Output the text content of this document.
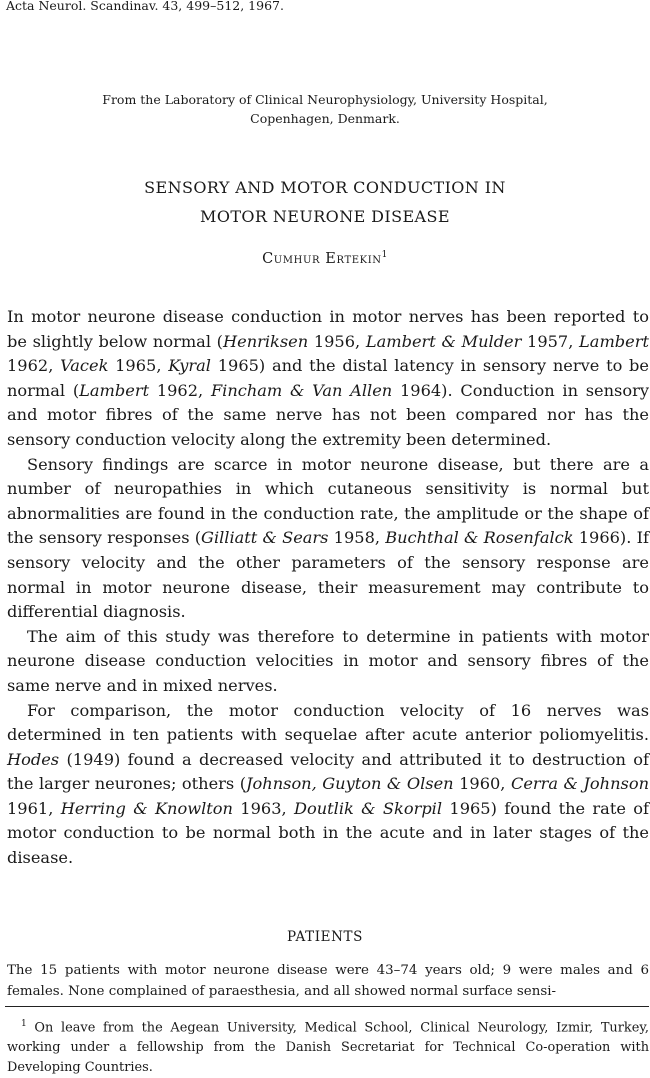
Acta Neurol. Scandinav. 43, 499–512, 1967.
From the Laboratory of Clinical Neurophysiology, University Hospital,
Copenhagen, Denmark.
SENSORY AND MOTOR CONDUCTION IN
MOTOR NEURONE DISEASE
Cumhur Ertekin$^1$

In motor neurone disease conduction in motor nerves has been reported to be slightly below normal (Henriksen 1956, Lambert & Mulder 1957, Lambert 1962, Vacek 1965, Kyral 1965) and the distal latency in sensory nerve to be normal (Lambert 1962, Fincham & Van Allen 1964). Conduction in sensory and motor fibres of the same nerve has not been compared nor has the sensory conduction velocity along the extremity been determined.

Sensory findings are scarce in motor neurone disease, but there are a number of neuropathies in which cutaneous sensitivity is normal but abnormalities are found in the conduction rate, the amplitude or the shape of the sensory responses (Gilliatt & Sears 1958, Buchthal & Rosenfalck 1966). If sensory velocity and the other parameters of the sensory response are normal in motor neurone disease, their measurement may contribute to differential diagnosis.

The aim of this study was therefore to determine in patients with motor neurone disease conduction velocities in motor and sensory fibres of the same nerve and in mixed nerves.

For comparison, the motor conduction velocity of 16 nerves was determined in ten patients with sequelae after acute anterior poliomyelitis. Hodes (1949) found a decreased velocity and attributed it to destruction of the larger neurones; others (Johnson, Guyton & Olsen 1960, Cerra & Johnson 1961, Herring & Knowlton 1963, Doutlik & Skorpil 1965) found the rate of motor conduction to be normal both in the acute and in later stages of the disease.

PATIENTS

The 15 patients with motor neurone disease were 43–74 years old; 9 were males and 6 females. None complained of paraesthesia, and all showed normal surface sensi-

$^1$ On leave from the Aegean University, Medical School, Clinical Neurology, Izmir, Turkey, working under a fellowship from the Danish Secretariat for Technical Co-operation with Developing Countries.
